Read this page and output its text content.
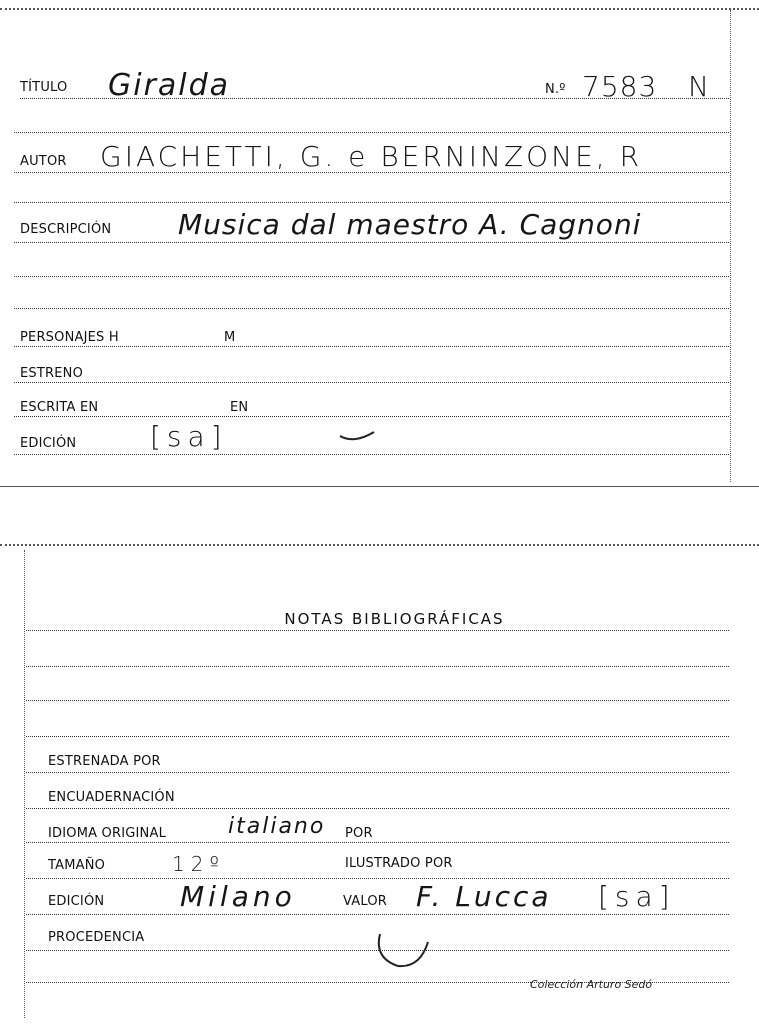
TÍTULO Giralda	N.º 7583 N
AUTOR GIACHETTI, G. e BERNINZONE, R
DESCRIPCIÓN Musica dal maestro A. Cagnoni
PERSONAJES H	M
ESTRENO
ESCRITA EN	EN
EDICIÓN	[sa]
NOTAS BIBLIOGRÁFICAS
ESTRENADA POR
ENCUADERNACIÓN
IDIOMA ORIGINAL	italiano POR
TAMAÑO	12º	ILUSTRADO POR
EDICIÓN	Milano	VALOR F. Lucca [sa]
PROCEDENCIA
Colección Arturo Sedó
